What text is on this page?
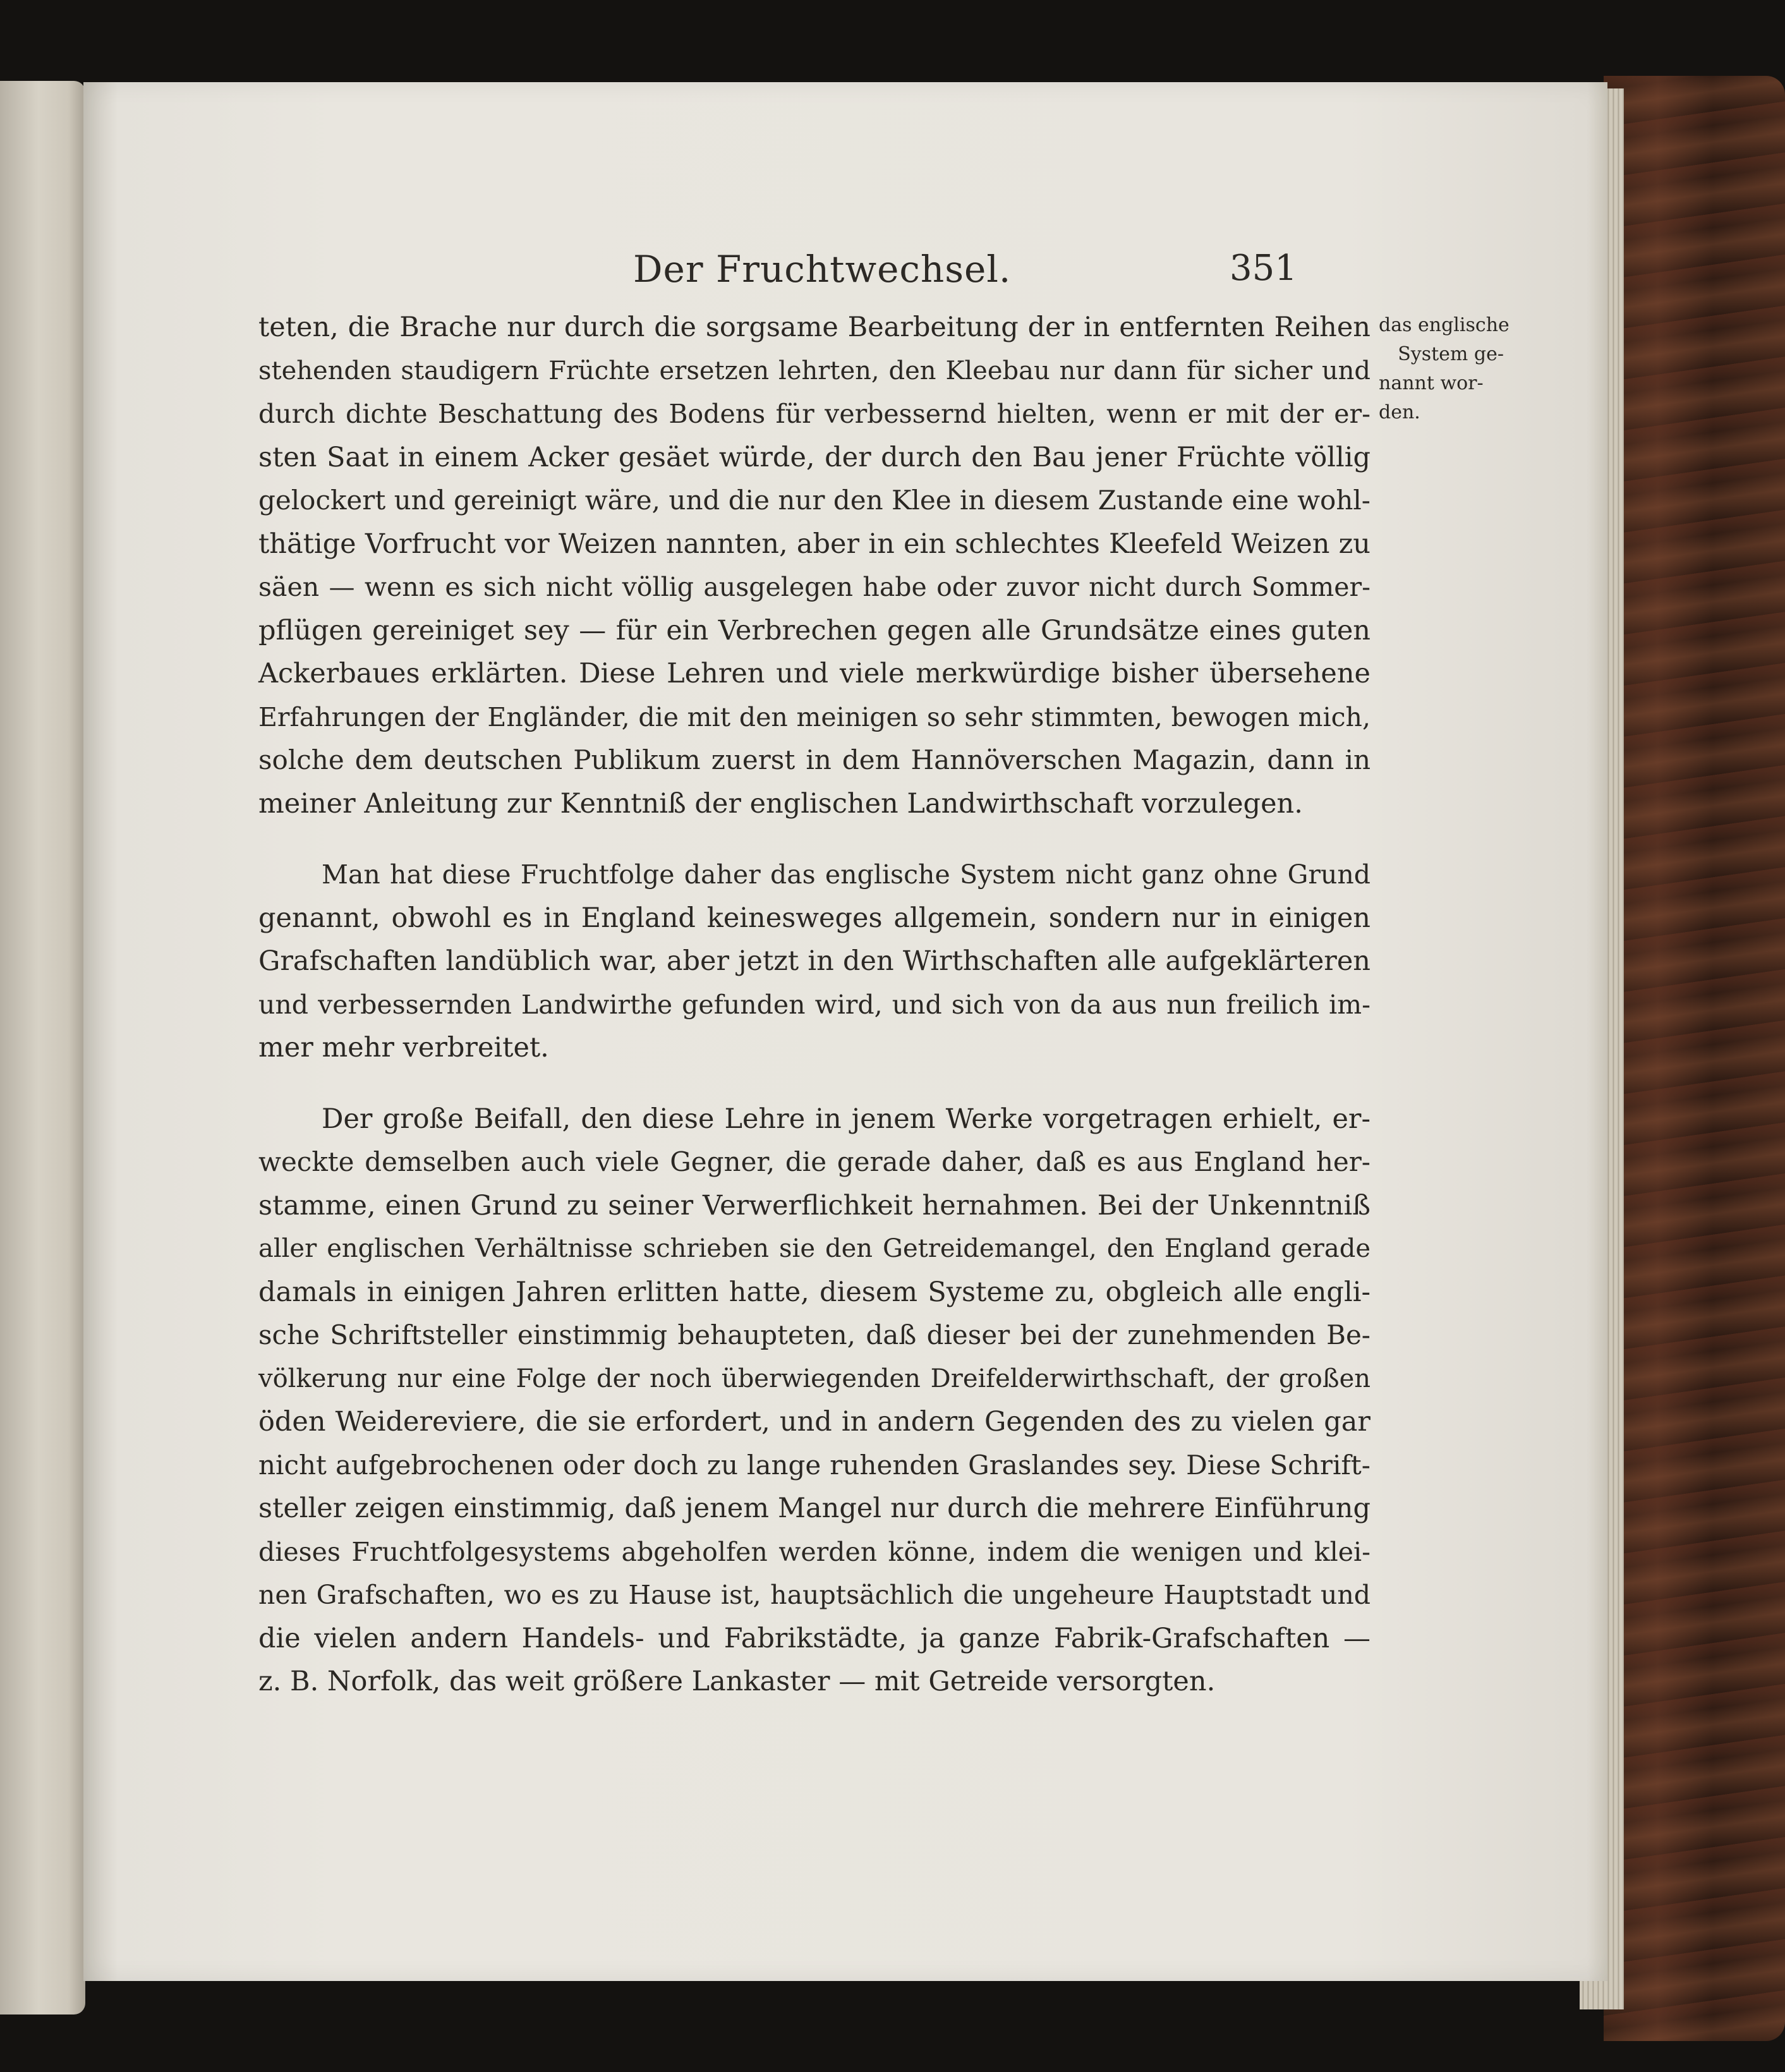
Der Fruchtwechsel.	351
teten, die Brache nur durch die sorgsame Bearbeitung der in entfernten Reihen
stehenden staudigern Früchte ersetzen lehrten, den Kleebau nur dann für sicher und
durch dichte Beschattung des Bodens für verbessernd hielten, wenn er mit der er-
sten Saat in einem Acker gesäet würde, der durch den Bau jener Früchte völlig
gelockert und gereinigt wäre, und die nur den Klee in diesem Zustande eine wohl-
thätige Vorfrucht vor Weizen nannten, aber in ein schlechtes Kleefeld Weizen zu
säen — wenn es sich nicht völlig ausgelegen habe oder zuvor nicht durch Sommer-
pflügen gereiniget sey — für ein Verbrechen gegen alle Grundsätze eines guten
Ackerbaues erklärten. Diese Lehren und viele merkwürdige bisher übersehene
Erfahrungen der Engländer, die mit den meinigen so sehr stimmten, bewogen mich,
solche dem deutschen Publikum zuerst in dem Hannöverschen Magazin, dann in
meiner Anleitung zur Kenntniß der englischen Landwirthschaft vorzulegen.
Man hat diese Fruchtfolge daher das englische System nicht ganz ohne Grund
genannt, obwohl es in England keinesweges allgemein, sondern nur in einigen
Grafschaften landüblich war, aber jetzt in den Wirthschaften alle aufgeklärteren
und verbessernden Landwirthe gefunden wird, und sich von da aus nun freilich im-
mer mehr verbreitet.
Der große Beifall, den diese Lehre in jenem Werke vorgetragen erhielt, er-
weckte demselben auch viele Gegner, die gerade daher, daß es aus England her-
stamme, einen Grund zu seiner Verwerflichkeit hernahmen. Bei der Unkenntniß
aller englischen Verhältnisse schrieben sie den Getreidemangel, den England gerade
damals in einigen Jahren erlitten hatte, diesem Systeme zu, obgleich alle engli-
sche Schriftsteller einstimmig behaupteten, daß dieser bei der zunehmenden Be-
völkerung nur eine Folge der noch überwiegenden Dreifelderwirthschaft, der großen
öden Weidereviere, die sie erfordert, und in andern Gegenden des zu vielen gar
nicht aufgebrochenen oder doch zu lange ruhenden Graslandes sey. Diese Schrift-
steller zeigen einstimmig, daß jenem Mangel nur durch die mehrere Einführung
dieses Fruchtfolgesystems abgeholfen werden könne, indem die wenigen und klei-
nen Grafschaften, wo es zu Hause ist, hauptsächlich die ungeheure Hauptstadt und
die vielen andern Handels- und Fabrikstädte, ja ganze Fabrik-Grafschaften —
z. B. Norfolk, das weit größere Lankaster — mit Getreide versorgten.
das englische
System ge-
nannt wor-
den.
